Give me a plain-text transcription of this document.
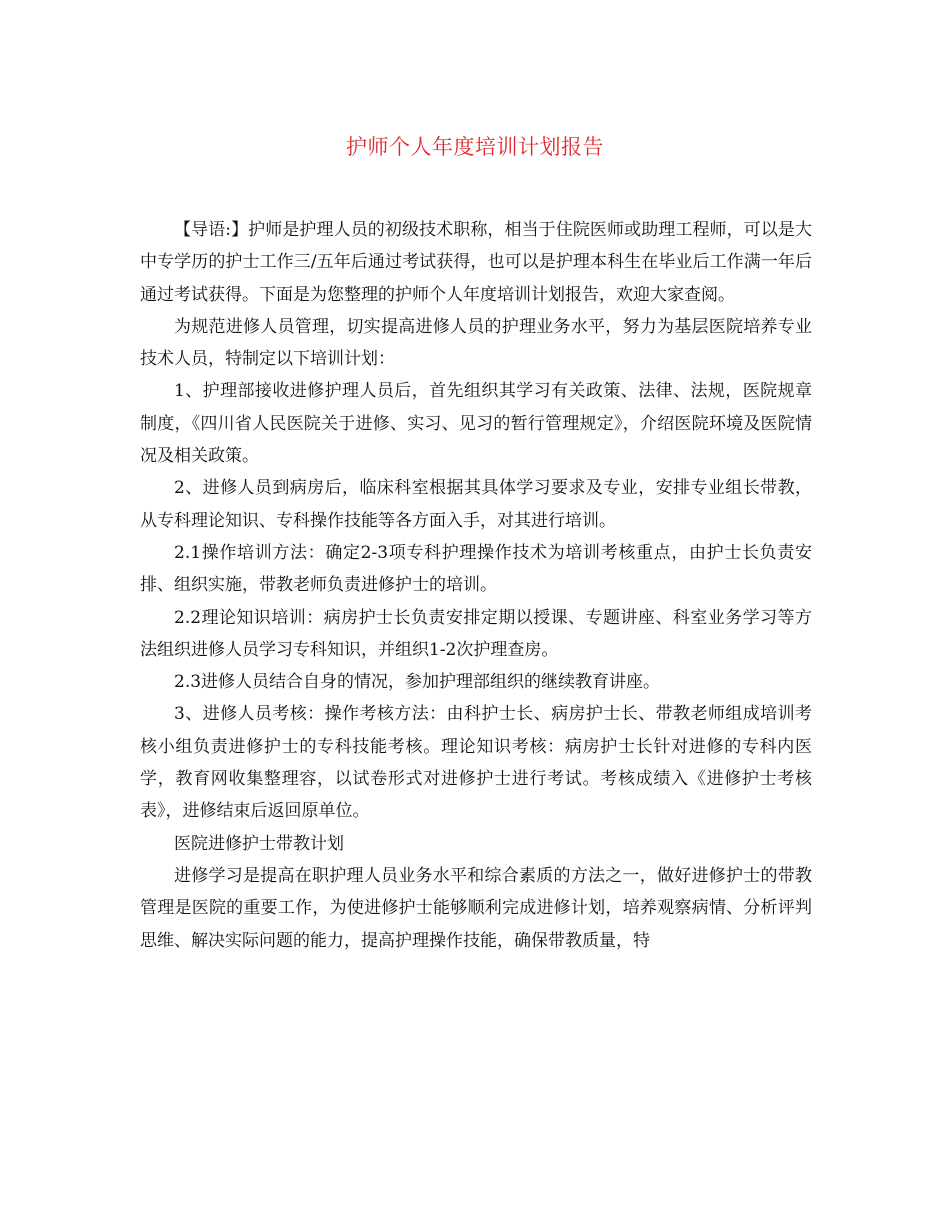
护师个人年度培训计划报告

【导语:】护师是护理人员的初级技术职称，相当于住院医师或助理工程师，可以是大中专学历的护士工作三/五年后通过考试获得，也可以是护理本科生在毕业后工作满一年后通过考试获得。下面是为您整理的护师个人年度培训计划报告，欢迎大家查阅。

为规范进修人员管理，切实提高进修人员的护理业务水平，努力为基层医院培养专业技术人员，特制定以下培训计划：

1、护理部接收进修护理人员后，首先组织其学习有关政策、法律、法规，医院规章制度，《四川省人民医院关于进修、实习、见习的暂行管理规定》，介绍医院环境及医院情况及相关政策。

2、进修人员到病房后，临床科室根据其具体学习要求及专业，安排专业组长带教，从专科理论知识、专科操作技能等各方面入手，对其进行培训。

2.1操作培训方法：确定2-3项专科护理操作技术为培训考核重点，由护士长负责安排、组织实施，带教老师负责进修护士的培训。

2.2理论知识培训：病房护士长负责安排定期以授课、专题讲座、科室业务学习等方法组织进修人员学习专科知识，并组织1-2次护理查房。

2.3进修人员结合自身的情况，参加护理部组织的继续教育讲座。

3、进修人员考核：操作考核方法：由科护士长、病房护士长、带教老师组成培训考核小组负责进修护士的专科技能考核。理论知识考核：病房护士长针对进修的专科内医学，教育网收集整理容，以试卷形式对进修护士进行考试。考核成绩入《进修护士考核表》，进修结束后返回原单位。

医院进修护士带教计划

进修学习是提高在职护理人员业务水平和综合素质的方法之一，做好进修护士的带教管理是医院的重要工作，为使进修护士能够顺利完成进修计划，培养观察病情、分析评判思维、解决实际问题的能力，提高护理操作技能，确保带教质量，特
